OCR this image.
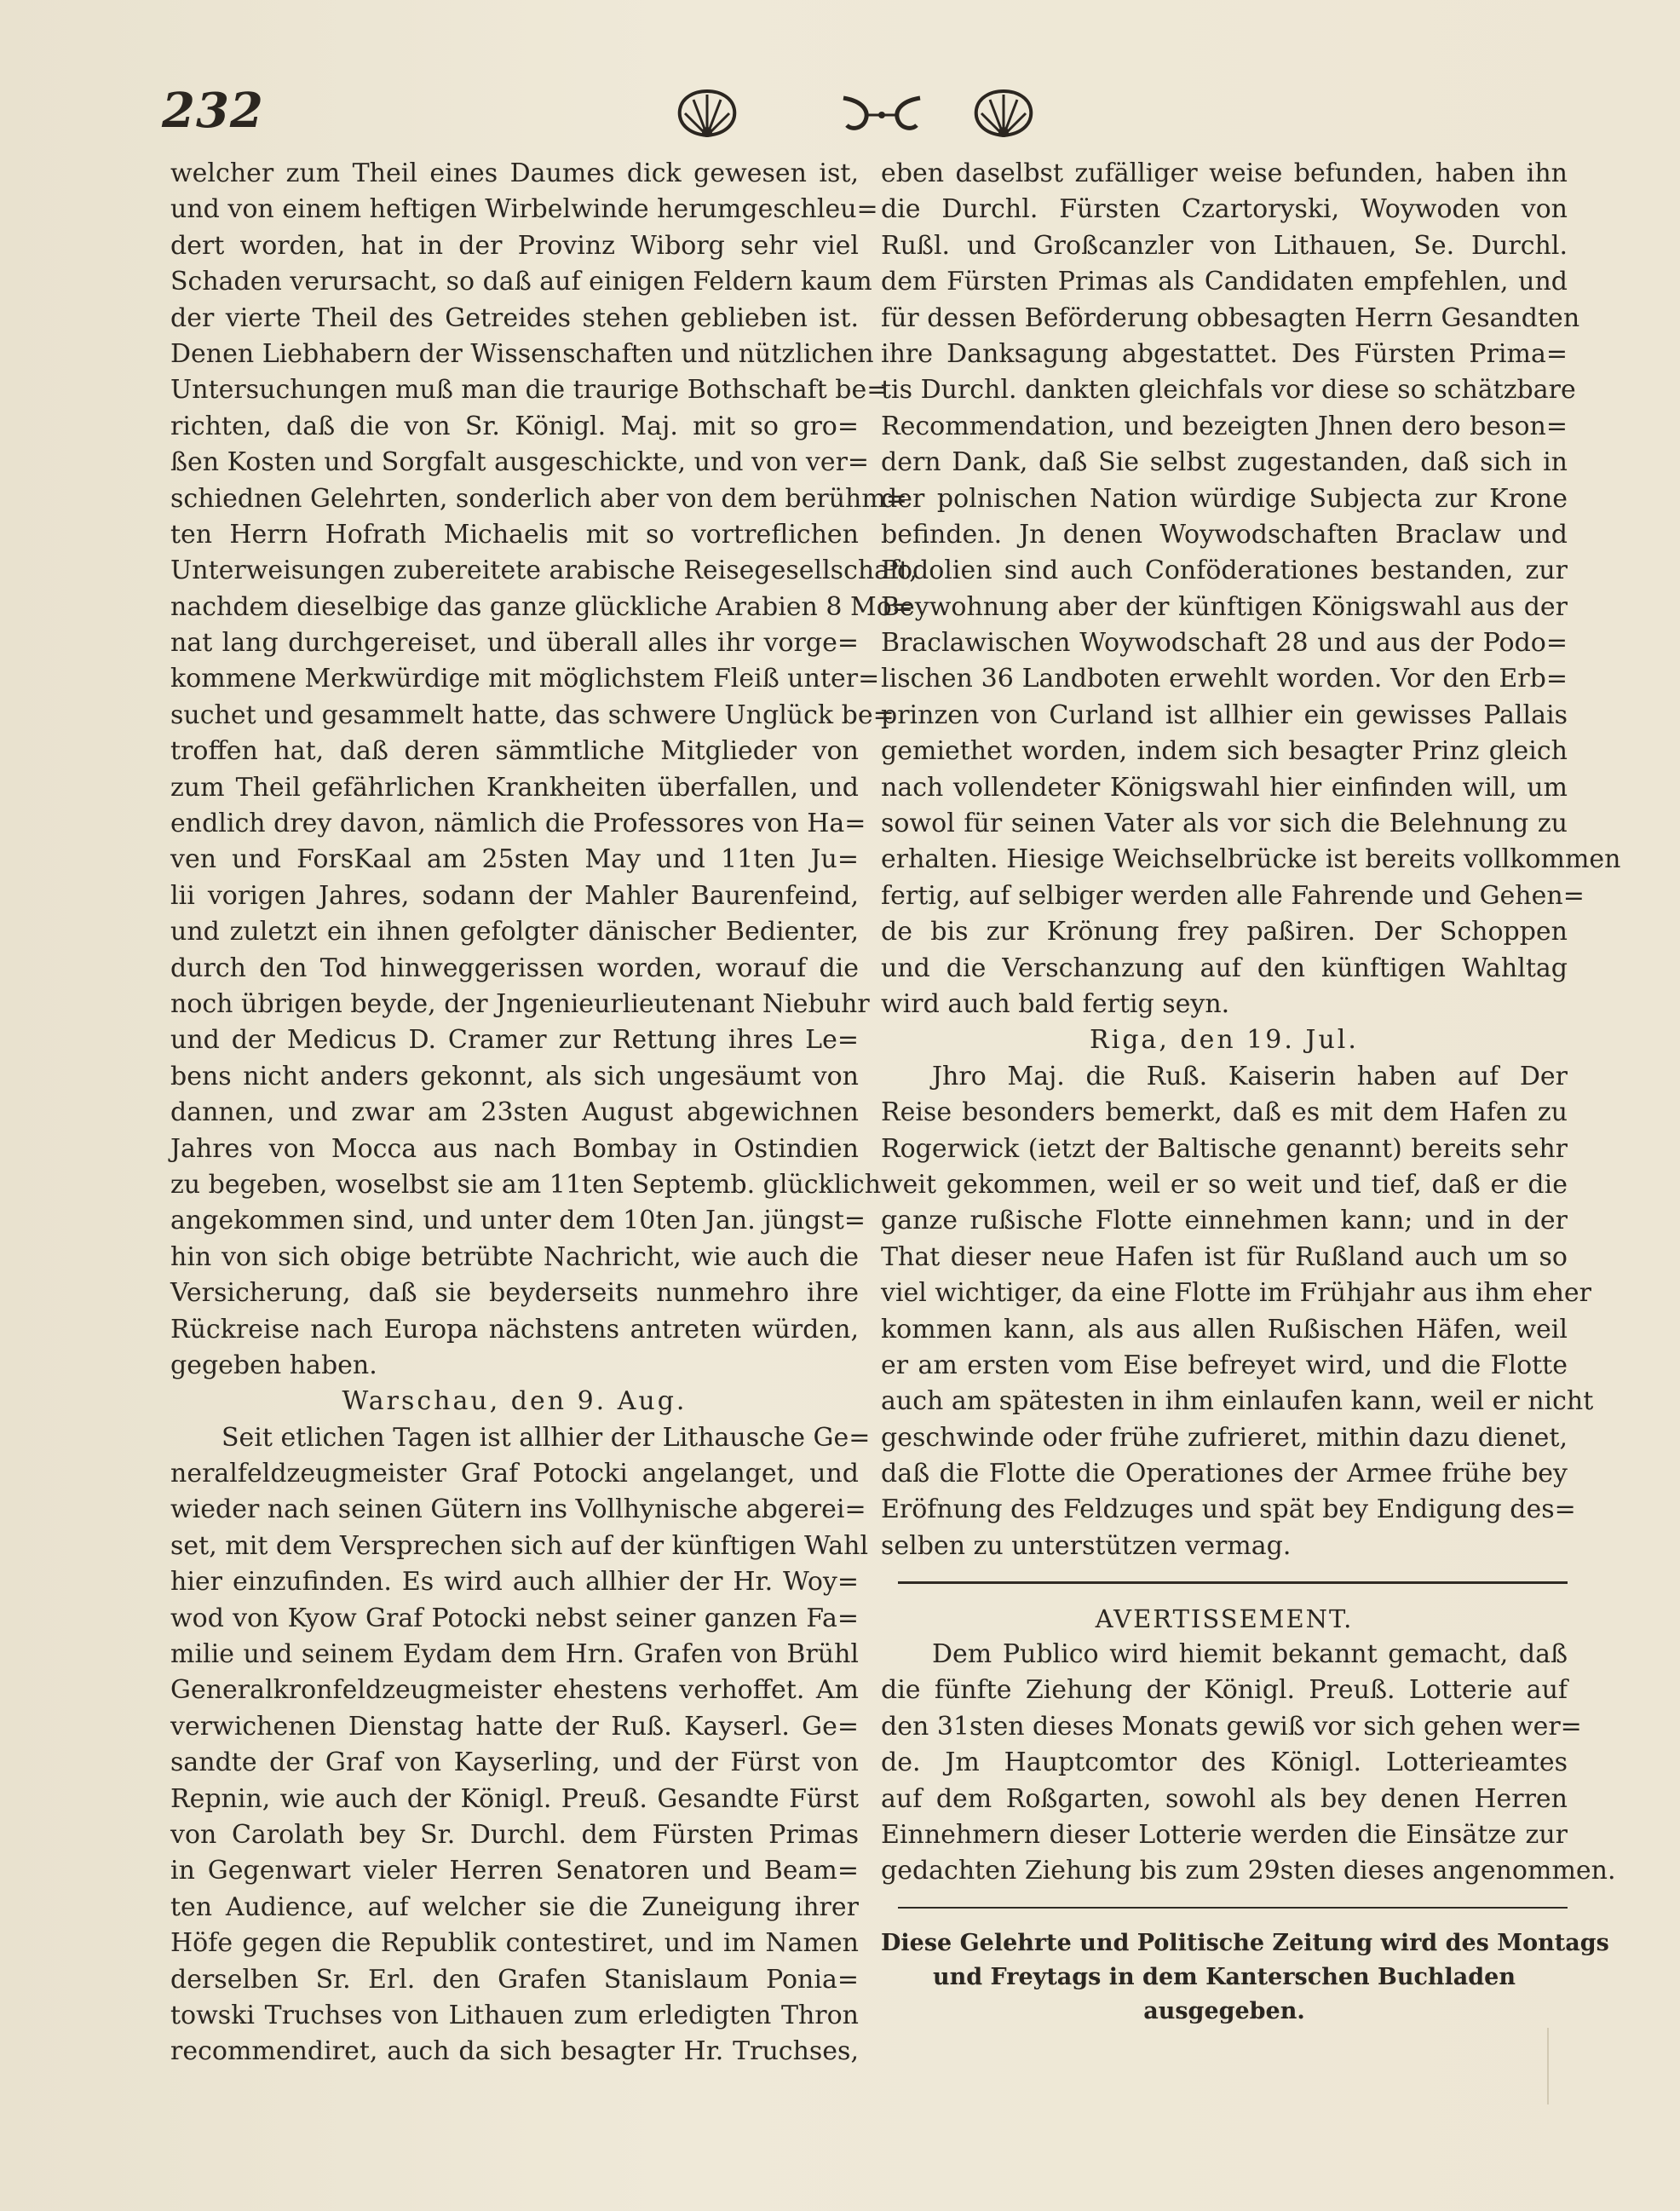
232
welcher zum Theil eines Daumes dick gewesen ist,
und von einem heftigen Wirbelwinde herumgeschleu=
dert worden, hat in der Provinz Wiborg sehr viel
Schaden verursacht, so daß auf einigen Feldern kaum
der vierte Theil des Getreides stehen geblieben ist.
Denen Liebhabern der Wissenschaften und nützlichen
Untersuchungen muß man die traurige Bothschaft be=
richten, daß die von Sr. Königl. Maj. mit so gro=
ßen Kosten und Sorgfalt ausgeschickte, und von ver=
schiednen Gelehrten, sonderlich aber von dem berühm=
ten Herrn Hofrath Michaelis mit so vortreflichen
Unterweisungen zubereitete arabische Reisegesellschaft,
nachdem dieselbige das ganze glückliche Arabien 8 Mo=
nat lang durchgereiset, und überall alles ihr vorge=
kommene Merkwürdige mit möglichstem Fleiß unter=
suchet und gesammelt hatte, das schwere Unglück be=
troffen hat, daß deren sämmtliche Mitglieder von
zum Theil gefährlichen Krankheiten überfallen, und
endlich drey davon, nämlich die Professores von Ha=
ven und ForsKaal am 25sten May und 11ten Ju=
lii vorigen Jahres, sodann der Mahler Baurenfeind,
und zuletzt ein ihnen gefolgter dänischer Bedienter,
durch den Tod hinweggerissen worden, worauf die
noch übrigen beyde, der Jngenieurlieutenant Niebuhr
und der Medicus D. Cramer zur Rettung ihres Le=
bens nicht anders gekonnt, als sich ungesäumt von
dannen, und zwar am 23sten August abgewichnen
Jahres von Mocca aus nach Bombay in Ostindien
zu begeben, woselbst sie am 11ten Septemb. glücklich
angekommen sind, und unter dem 10ten Jan. jüngst=
hin von sich obige betrübte Nachricht, wie auch die
Versicherung, daß sie beyderseits nunmehro ihre
Rückreise nach Europa nächstens antreten würden,
gegeben haben.
Warschau, den 9. Aug.
Seit etlichen Tagen ist allhier der Lithausche Ge=
neralfeldzeugmeister Graf Potocki angelanget, und
wieder nach seinen Gütern ins Vollhynische abgerei=
set, mit dem Versprechen sich auf der künftigen Wahl
hier einzufinden. Es wird auch allhier der Hr. Woy=
wod von Kyow Graf Potocki nebst seiner ganzen Fa=
milie und seinem Eydam dem Hrn. Grafen von Brühl
Generalkronfeldzeugmeister ehestens verhoffet. Am
verwichenen Dienstag hatte der Ruß. Kayserl. Ge=
sandte der Graf von Kayserling, und der Fürst von
Repnin, wie auch der Königl. Preuß. Gesandte Fürst
von Carolath bey Sr. Durchl. dem Fürsten Primas
in Gegenwart vieler Herren Senatoren und Beam=
ten Audience, auf welcher sie die Zuneigung ihrer
Höfe gegen die Republik contestiret, und im Namen
derselben Sr. Erl. den Grafen Stanislaum Ponia=
towski Truchses von Lithauen zum erledigten Thron
recommendiret, auch da sich besagter Hr. Truchses,
eben daselbst zufälliger weise befunden, haben ihn
die Durchl. Fürsten Czartoryski, Woywoden von
Rußl. und Großcanzler von Lithauen, Se. Durchl.
dem Fürsten Primas als Candidaten empfehlen, und
für dessen Beförderung obbesagten Herrn Gesandten
ihre Danksagung abgestattet. Des Fürsten Prima=
tis Durchl. dankten gleichfals vor diese so schätzbare
Recommendation, und bezeigten Jhnen dero beson=
dern Dank, daß Sie selbst zugestanden, daß sich in
der polnischen Nation würdige Subjecta zur Krone
befinden. Jn denen Woywodschaften Braclaw und
Podolien sind auch Conföderationes bestanden, zur
Beywohnung aber der künftigen Königswahl aus der
Braclawischen Woywodschaft 28 und aus der Podo=
lischen 36 Landboten erwehlt worden. Vor den Erb=
prinzen von Curland ist allhier ein gewisses Pallais
gemiethet worden, indem sich besagter Prinz gleich
nach vollendeter Königswahl hier einfinden will, um
sowol für seinen Vater als vor sich die Belehnung zu
erhalten. Hiesige Weichselbrücke ist bereits vollkommen
fertig, auf selbiger werden alle Fahrende und Gehen=
de bis zur Krönung frey paßiren. Der Schoppen
und die Verschanzung auf den künftigen Wahltag
wird auch bald fertig seyn.
Riga, den 19. Jul.
Jhro Maj. die Ruß. Kaiserin haben auf Der
Reise besonders bemerkt, daß es mit dem Hafen zu
Rogerwick (ietzt der Baltische genannt) bereits sehr
weit gekommen, weil er so weit und tief, daß er die
ganze rußische Flotte einnehmen kann; und in der
That dieser neue Hafen ist für Rußland auch um so
viel wichtiger, da eine Flotte im Frühjahr aus ihm eher
kommen kann, als aus allen Rußischen Häfen, weil
er am ersten vom Eise befreyet wird, und die Flotte
auch am spätesten in ihm einlaufen kann, weil er nicht
geschwinde oder frühe zufrieret, mithin dazu dienet,
daß die Flotte die Operationes der Armee frühe bey
Eröfnung des Feldzuges und spät bey Endigung des=
selben zu unterstützen vermag.
AVERTISSEMENT.
Dem Publico wird hiemit bekannt gemacht, daß
die fünfte Ziehung der Königl. Preuß. Lotterie auf
den 31sten dieses Monats gewiß vor sich gehen wer=
de. Jm Hauptcomtor des Königl. Lotterieamtes
auf dem Roßgarten, sowohl als bey denen Herren
Einnehmern dieser Lotterie werden die Einsätze zur
gedachten Ziehung bis zum 29sten dieses angenommen.
Diese Gelehrte und Politische Zeitung wird des Montags
und Freytags in dem Kanterschen Buchladen
ausgegeben.
